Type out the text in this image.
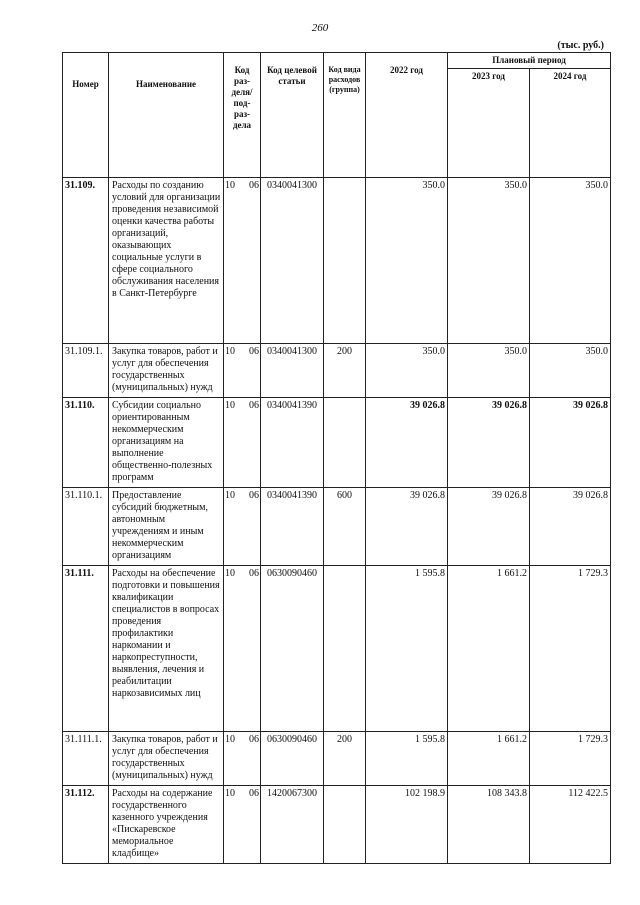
260
(тыс. руб.)
Номер	Наименование	Код раз-деля/ под-раз-дела	Код целевой статьи	Код вида расходов (группа)	2022 год	Плановый период	
						2023 год	2024 год
31.109.	Расходы по созданию условий для организации проведения независимой оценки качества работы организаций, оказывающих социальные услуги в сфере социального обслуживания населения в Санкт-Петербурге	10 06	0340041300		350.0	350.0	350.0
31.109.1.	Закупка товаров, работ и услуг для обеспечения государственных (муниципальных) нужд	10 06	0340041300	200	350.0	350.0	350.0
31.110.	Субсидии социально ориентированным некоммерческим организациям на выполнение общественно-полезных программ	10 06	0340041390		39 026.8	39 026.8	39 026.8
31.110.1.	Предоставление субсидий бюджетным, автономным учреждениям и иным некоммерческим организациям	10 06	0340041390	600	39 026.8	39 026.8	39 026.8
31.111.	Расходы на обеспечение подготовки и повышения квалификации специалистов в вопросах проведения профилактики наркомании и наркопреступности, выявления, лечения и реабилитации наркозависимых лиц	10 06	0630090460		1 595.8	1 661.2	1 729.3
31.111.1.	Закупка товаров, работ и услуг для обеспечения государственных (муниципальных) нужд	10 06	0630090460	200	1 595.8	1 661.2	1 729.3
31.112.	Расходы на содержание государственного казенного учреждения «Пискаревское мемориальное кладбище»	10 06	1420067300		102 198.9	108 343.8	112 422.5
